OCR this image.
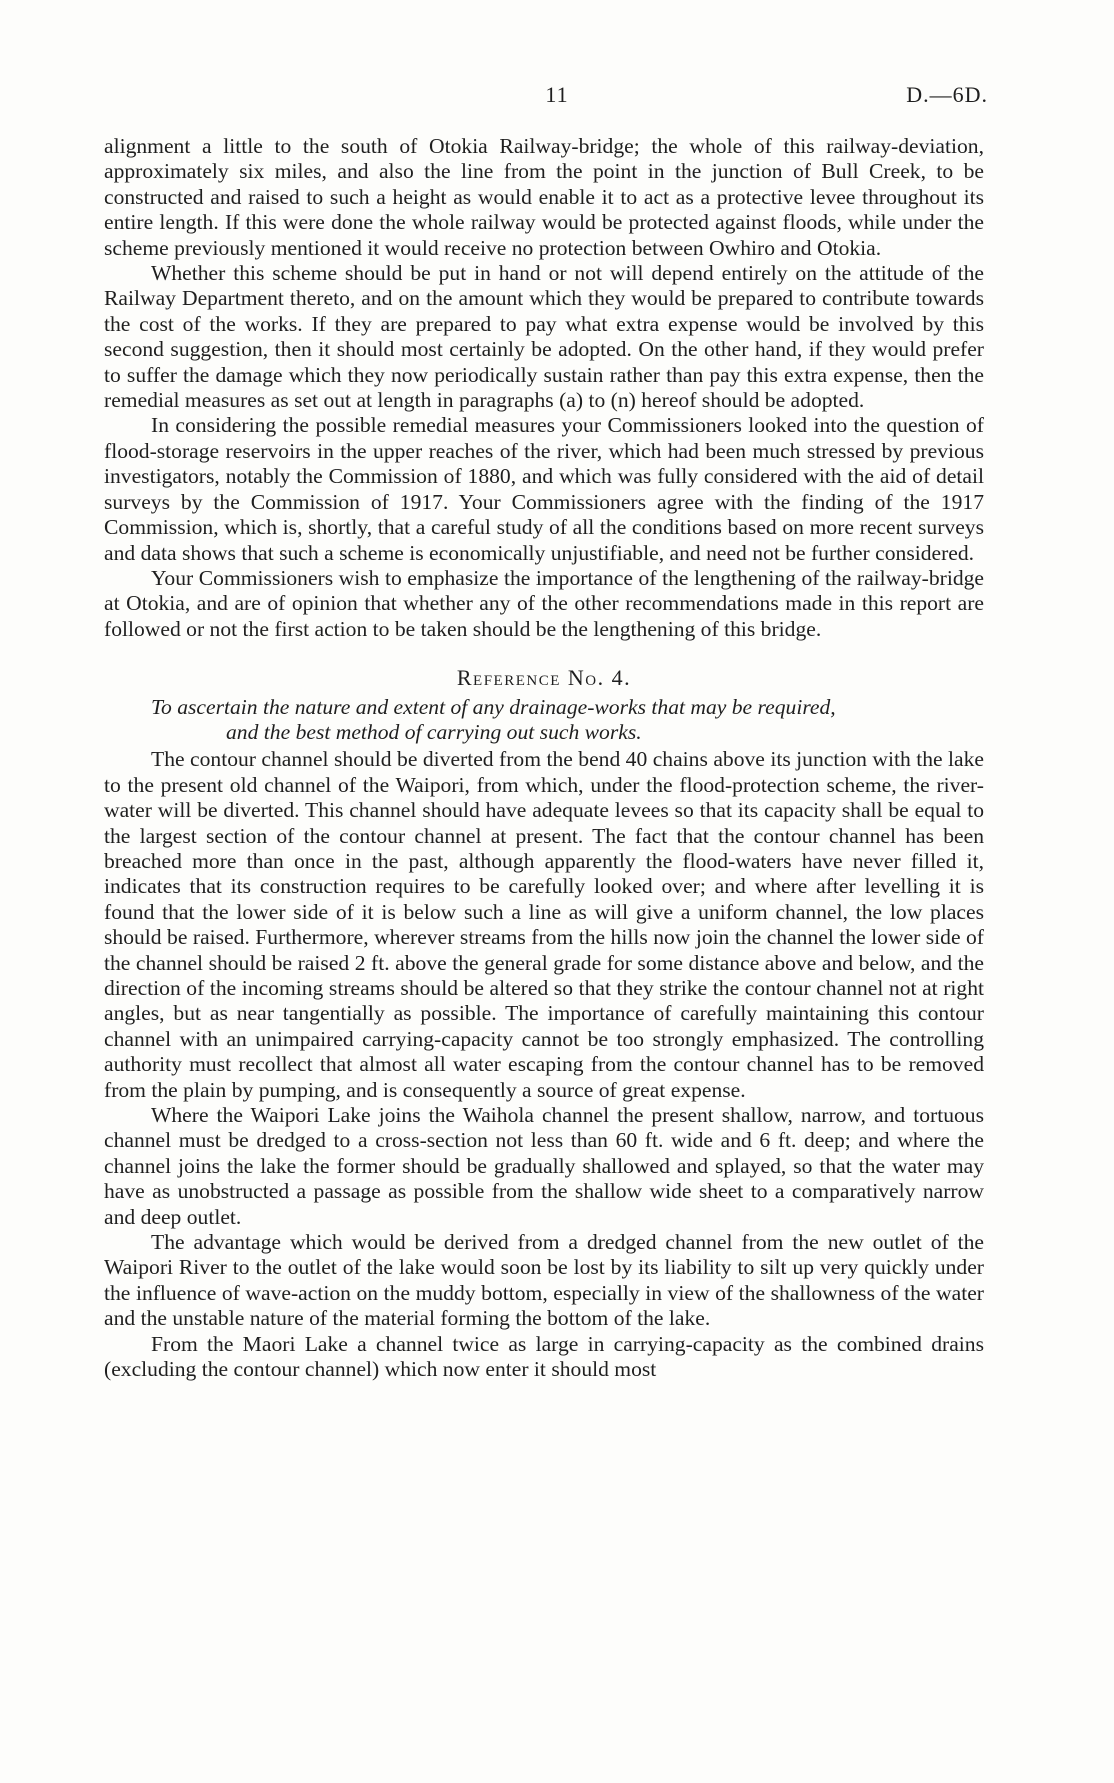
11	D.—6D.

alignment a little to the south of Otokia Railway-bridge; the whole of this railway-deviation, approximately six miles, and also the line from the point in the junction of Bull Creek, to be constructed and raised to such a height as would enable it to act as a protective levee throughout its entire length. If this were done the whole railway would be protected against floods, while under the scheme previously mentioned it would receive no protection between Owhiro and Otokia.

Whether this scheme should be put in hand or not will depend entirely on the attitude of the Railway Department thereto, and on the amount which they would be prepared to contribute towards the cost of the works. If they are prepared to pay what extra expense would be involved by this second suggestion, then it should most certainly be adopted. On the other hand, if they would prefer to suffer the damage which they now periodically sustain rather than pay this extra expense, then the remedial measures as set out at length in paragraphs (a) to (n) hereof should be adopted.

In considering the possible remedial measures your Commissioners looked into the question of flood-storage reservoirs in the upper reaches of the river, which had been much stressed by previous investigators, notably the Commission of 1880, and which was fully considered with the aid of detail surveys by the Commission of 1917. Your Commissioners agree with the finding of the 1917 Commission, which is, shortly, that a careful study of all the conditions based on more recent surveys and data shows that such a scheme is economically unjustifiable, and need not be further considered.

Your Commissioners wish to emphasize the importance of the lengthening of the railway-bridge at Otokia, and are of opinion that whether any of the other recommendations made in this report are followed or not the first action to be taken should be the lengthening of this bridge.

Reference No. 4.
To ascertain the nature and extent of any drainage-works that may be required,
and the best method of carrying out such works.

The contour channel should be diverted from the bend 40 chains above its junction with the lake to the present old channel of the Waipori, from which, under the flood-protection scheme, the river-water will be diverted. This channel should have adequate levees so that its capacity shall be equal to the largest section of the contour channel at present. The fact that the contour channel has been breached more than once in the past, although apparently the flood-waters have never filled it, indicates that its construction requires to be carefully looked over; and where after levelling it is found that the lower side of it is below such a line as will give a uniform channel, the low places should be raised. Furthermore, wherever streams from the hills now join the channel the lower side of the channel should be raised 2 ft. above the general grade for some distance above and below, and the direction of the incoming streams should be altered so that they strike the contour channel not at right angles, but as near tangentially as possible. The importance of carefully maintaining this contour channel with an unimpaired carrying-capacity cannot be too strongly emphasized. The controlling authority must recollect that almost all water escaping from the contour channel has to be removed from the plain by pumping, and is consequently a source of great expense.

Where the Waipori Lake joins the Waihola channel the present shallow, narrow, and tortuous channel must be dredged to a cross-section not less than 60 ft. wide and 6 ft. deep; and where the channel joins the lake the former should be gradually shallowed and splayed, so that the water may have as unobstructed a passage as possible from the shallow wide sheet to a comparatively narrow and deep outlet.

The advantage which would be derived from a dredged channel from the new outlet of the Waipori River to the outlet of the lake would soon be lost by its liability to silt up very quickly under the influence of wave-action on the muddy bottom, especially in view of the shallowness of the water and the unstable nature of the material forming the bottom of the lake.

From the Maori Lake a channel twice as large in carrying-capacity as the combined drains (excluding the contour channel) which now enter it should most
